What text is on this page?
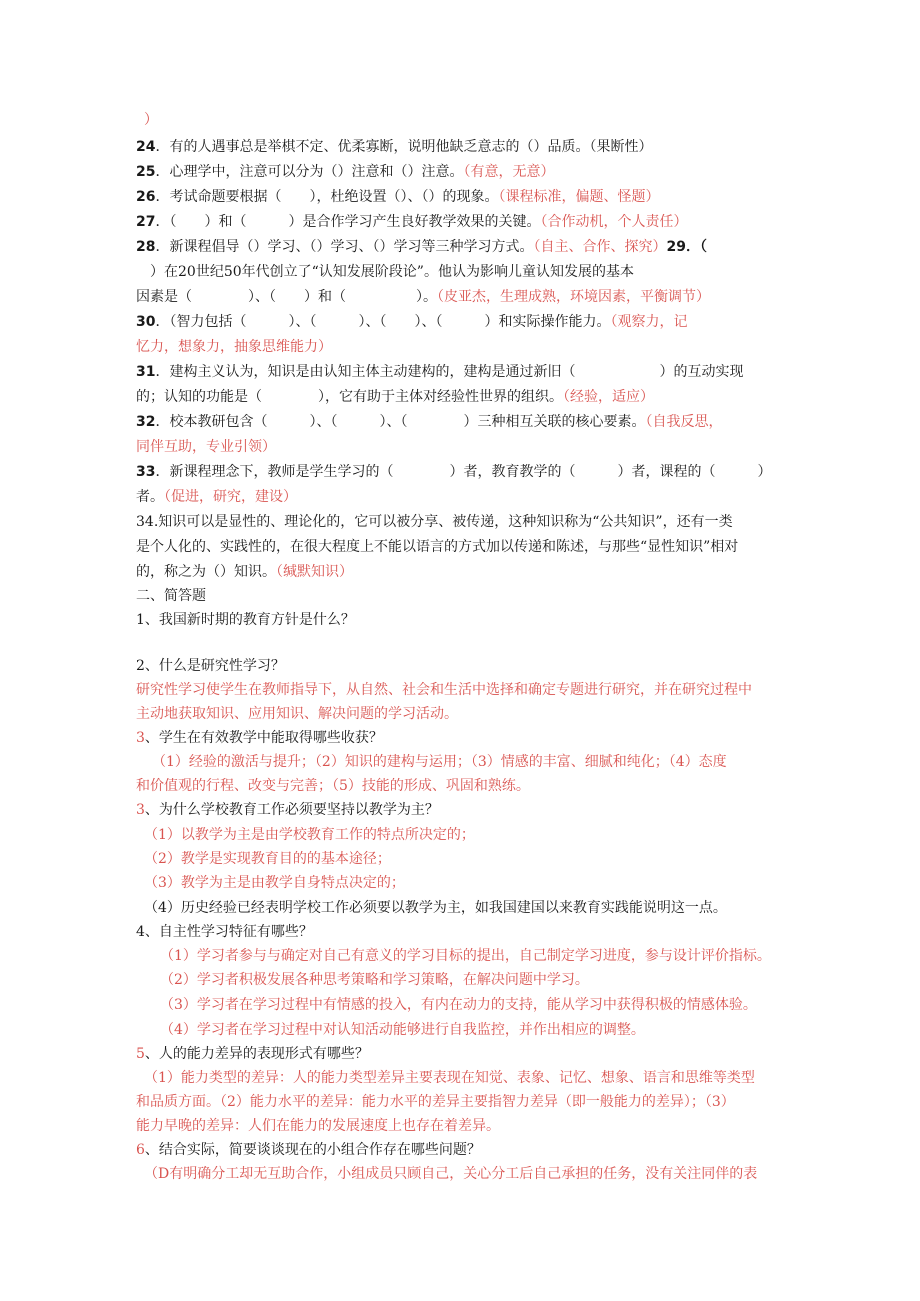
）
24．有的人遇事总是举棋不定、优柔寡断，说明他缺乏意志的（）品质。（果断性）
25．心理学中，注意可以分为（）注意和（）注意。（有意，无意）
26．考试命题要根据（　　），杜绝设置（）、（）的现象。（课程标准，偏题、怪题）
27．（　　）和（　　　）是合作学习产生良好教学效果的关键。（合作动机，个人责任）
28．新课程倡导（）学习、（）学习、（）学习等三种学习方式。（自主、合作、探究）29．（
　）在20世纪50年代创立了“认知发展阶段论”。他认为影响儿童认知发展的基本
因素是（　　　　）、（　　）和（　　　　　）。（皮亚杰，生理成熟，环境因素，平衡调节）
30．（智力包括（　　　）、（　　　）、（　　）、（　　　）和实际操作能力。（观察力，记
忆力，想象力，抽象思维能力）
31．建构主义认为，知识是由认知主体主动建构的，建构是通过新旧（　　　　　　）的互动实现
的；认知的功能是（　　　　），它有助于主体对经验性世界的组织。（经验，适应）
32．校本教研包含（　　　）、（　　　）、（　　　　）三种相互关联的核心要素。（自我反思，
同伴互助，专业引领）
33．新课程理念下，教师是学生学习的（　　　　）者，教育教学的（　　　）者，课程的（　　　）
者。（促进，研究，建设）
34.知识可以是显性的、理论化的，它可以被分享、被传递，这种知识称为“公共知识”，还有一类
是个人化的、实践性的，在很大程度上不能以语言的方式加以传递和陈述，与那些“显性知识”相对
的，称之为（）知识。（缄默知识）
二、简答题
1、我国新时期的教育方针是什么？
2、什么是研究性学习？
研究性学习使学生在教师指导下，从自然、社会和生活中选择和确定专题进行研究，并在研究过程中
主动地获取知识、应用知识、解决问题的学习活动。
3、学生在有效教学中能取得哪些收获？
（1）经验的激活与提升；（2）知识的建构与运用；（3）情感的丰富、细腻和纯化；（4）态度
和价值观的行程、改变与完善；（5）技能的形成、巩固和熟练。
3、为什么学校教育工作必须要坚持以教学为主？
（1）以教学为主是由学校教育工作的特点所决定的；
（2）教学是实现教育目的的基本途径；
（3）教学为主是由教学自身特点决定的；
（4）历史经验已经表明学校工作必须要以教学为主，如我国建国以来教育实践能说明这一点。
4、自主性学习特征有哪些？
（1）学习者参与与确定对自己有意义的学习目标的提出，自己制定学习进度，参与设计评价指标。
（2）学习者积极发展各种思考策略和学习策略，在解决问题中学习。
（3）学习者在学习过程中有情感的投入，有内在动力的支持，能从学习中获得积极的情感体验。
（4）学习者在学习过程中对认知活动能够进行自我监控，并作出相应的调整。
5、人的能力差异的表现形式有哪些？
（1）能力类型的差异：人的能力类型差异主要表现在知觉、表象、记忆、想象、语言和思维等类型
和品质方面。（2）能力水平的差异：能力水平的差异主要指智力差异（即一般能力的差异）；（3）
能力早晚的差异：人们在能力的发展速度上也存在着差异。
6、结合实际，简要谈谈现在的小组合作存在哪些问题？
（D有明确分工却无互助合作，小组成员只顾自己，关心分工后自己承担的任务，没有关注同伴的表
